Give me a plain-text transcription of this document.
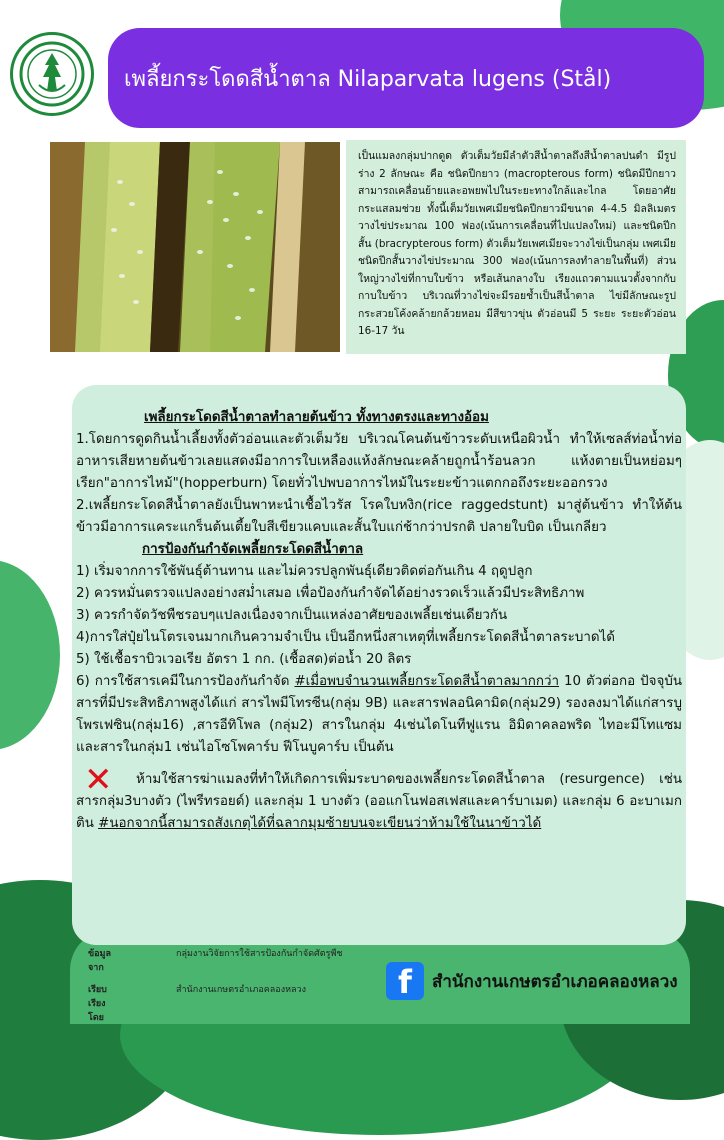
เพลี้ยกระโดดสีน้ำตาล Nilaparvata lugens (Stål)
เป็นแมลงกลุ่มปากดูด ตัวเต็มวัยมีลำตัวสีน้ำตาลถึงสีน้ำตาลปนดำ มีรูปร่าง 2 ลักษณะ คือ ชนิดปีกยาว (macropterous form) ชนิดมีปีกยาวสามารถเคลื่อนย้ายและอพยพไปในระยะทางใกล้และไกล โดยอาศัยกระแสลมช่วย ทั้งนี้เต็มวัยเพศเมียชนิดปีกยาวมีขนาด 4-4.5 มิลลิเมตร วางไข่ประมาณ 100 ฟอง(เน้นการเคลื่อนที่ไปแปลงใหม่) และชนิดปีกสั้น (bracrypterous form) ตัวเต็มวัยเพศเมียจะวางไข่เป็นกลุ่ม เพศเมียชนิดปีกสั้นวางไข่ประมาณ 300 ฟอง(เน้นการลงทำลายในพื้นที่) ส่วนใหญ่วางไข่ที่กาบใบข้าว หรือเส้นกลางใบ เรียงแถวตามแนวตั้งจากกับกาบใบข้าว บริเวณที่วางไข่จะมีรอยช้ำเป็นสีน้ำตาล ไข่มีลักษณะรูปกระสวยโค้งคล้ายกล้วยหอม มีสีขาวขุ่น ตัวอ่อนมี 5 ระยะ ระยะตัวอ่อน 16-17 วัน

เพลี้ยกระโดดสีน้ำตาลทำลายต้นข้าว ทั้งทางตรงและทางอ้อม

1.โดยการดูดกินน้ำเลี้ยงทั้งตัวอ่อนและตัวเต็มวัย บริเวณโคนต้นข้าวระดับเหนือผิวน้ำ ทำให้เซลส์ท่อน้ำท่ออาหารเสียหายต้นข้าวเลยแสดงมีอาการใบเหลืองแห้งลักษณะคล้ายถูกน้ำร้อนลวก แห้งตายเป็นหย่อมๆ เรียก"อาการไหม้"(hopperburn) โดยทั่วไปพบอาการไหม้ในระยะข้าวแตกกอถึงระยะออกรวง

2.เพลี้ยกระโดดสีน้ำตาลยังเป็นพาหะนำเชื้อไวรัส โรคใบหงิก(rice raggedstunt) มาสู่ต้นข้าว ทำให้ต้นข้าวมีอาการแคระแกร็นต้นเตี้ยใบสีเขียวแคบและสั้นใบแก่ช้ากว่าปรกติ ปลายใบบิด เป็นเกลียว

การป้องกันกำจัดเพลี้ยกระโดดสีน้ำตาล

1) เริ่มจากการใช้พันธุ์ต้านทาน และไม่ควรปลูกพันธุ์เดียวติดต่อกันเกิน 4 ฤดูปลูก

2) ควรหมั่นตรวจแปลงอย่างสม่ำเสมอ เพื่อป้องกันกำจัดได้อย่างรวดเร็วแล้วมีประสิทธิภาพ

3) ควรกำจัดวัชพืชรอบๆแปลงเนื่องจากเป็นแหล่งอาศัยของเพลี้ยเช่นเดียวกัน

4)การใส่ปุ๋ยไนโตรเจนมากเกินความจำเป็น เป็นอีกหนึ่งสาเหตุที่เพลี้ยกระโดดสีน้ำตาลระบาดได้

5) ใช้เชื้อราบิวเวอเรีย อัตรา 1 กก. (เชื้อสด)ต่อน้ำ 20 ลิตร

6) การใช้สารเคมีในการป้องกันกำจัด #เมื่อพบจำนวนเพลี้ยกระโดดสีน้ำตาลมากกว่า 10 ตัวต่อกอ ปัจจุบันสารที่มีประสิทธิภาพสูงได้แก่ สารไพมีโทรซีน(กลุ่ม 9B) และสารฟลอนิคามิด(กลุ่ม29) รองลงมาได้แก่สารบูโพรเฟซิน(กลุ่ม16) ,สารอีทิโพล (กลุ่ม2) สารในกลุ่ม 4เช่นไดโนทีฟูแรน อิมิดาคลอพริด ไทอะมีโทแซม และสารในกลุ่ม1 เช่นไอโซโพคาร์บ ฟีโนบูคาร์บ เป็นต้น

✕ ห้ามใช้สารฆ่าแมลงที่ทำให้เกิดการเพิ่มระบาดของเพลี้ยกระโดดสีน้ำตาล (resurgence) เช่นสารกลุ่ม3บางตัว (ไพรีทรอยด์) และกลุ่ม 1 บางตัว (ออแกโนฟอสเฟสและคาร์บาเมต) และกลุ่ม 6 อะบาเมกติน #นอกจากนี้สามารถสังเกตุได้ที่ฉลากมุมซ้ายบนจะเขียนว่าห้ามใช้ในนาข้าวได้

ข้อมูลจาก
กลุ่มงานวิจัยการใช้สารป้องกันกำจัดศัตรูพืช
เรียบเรียงโดย
สำนักงานเกษตรอำเภอคลองหลวง	f	สำนักงานเกษตรอำเภอคลองหลวง
